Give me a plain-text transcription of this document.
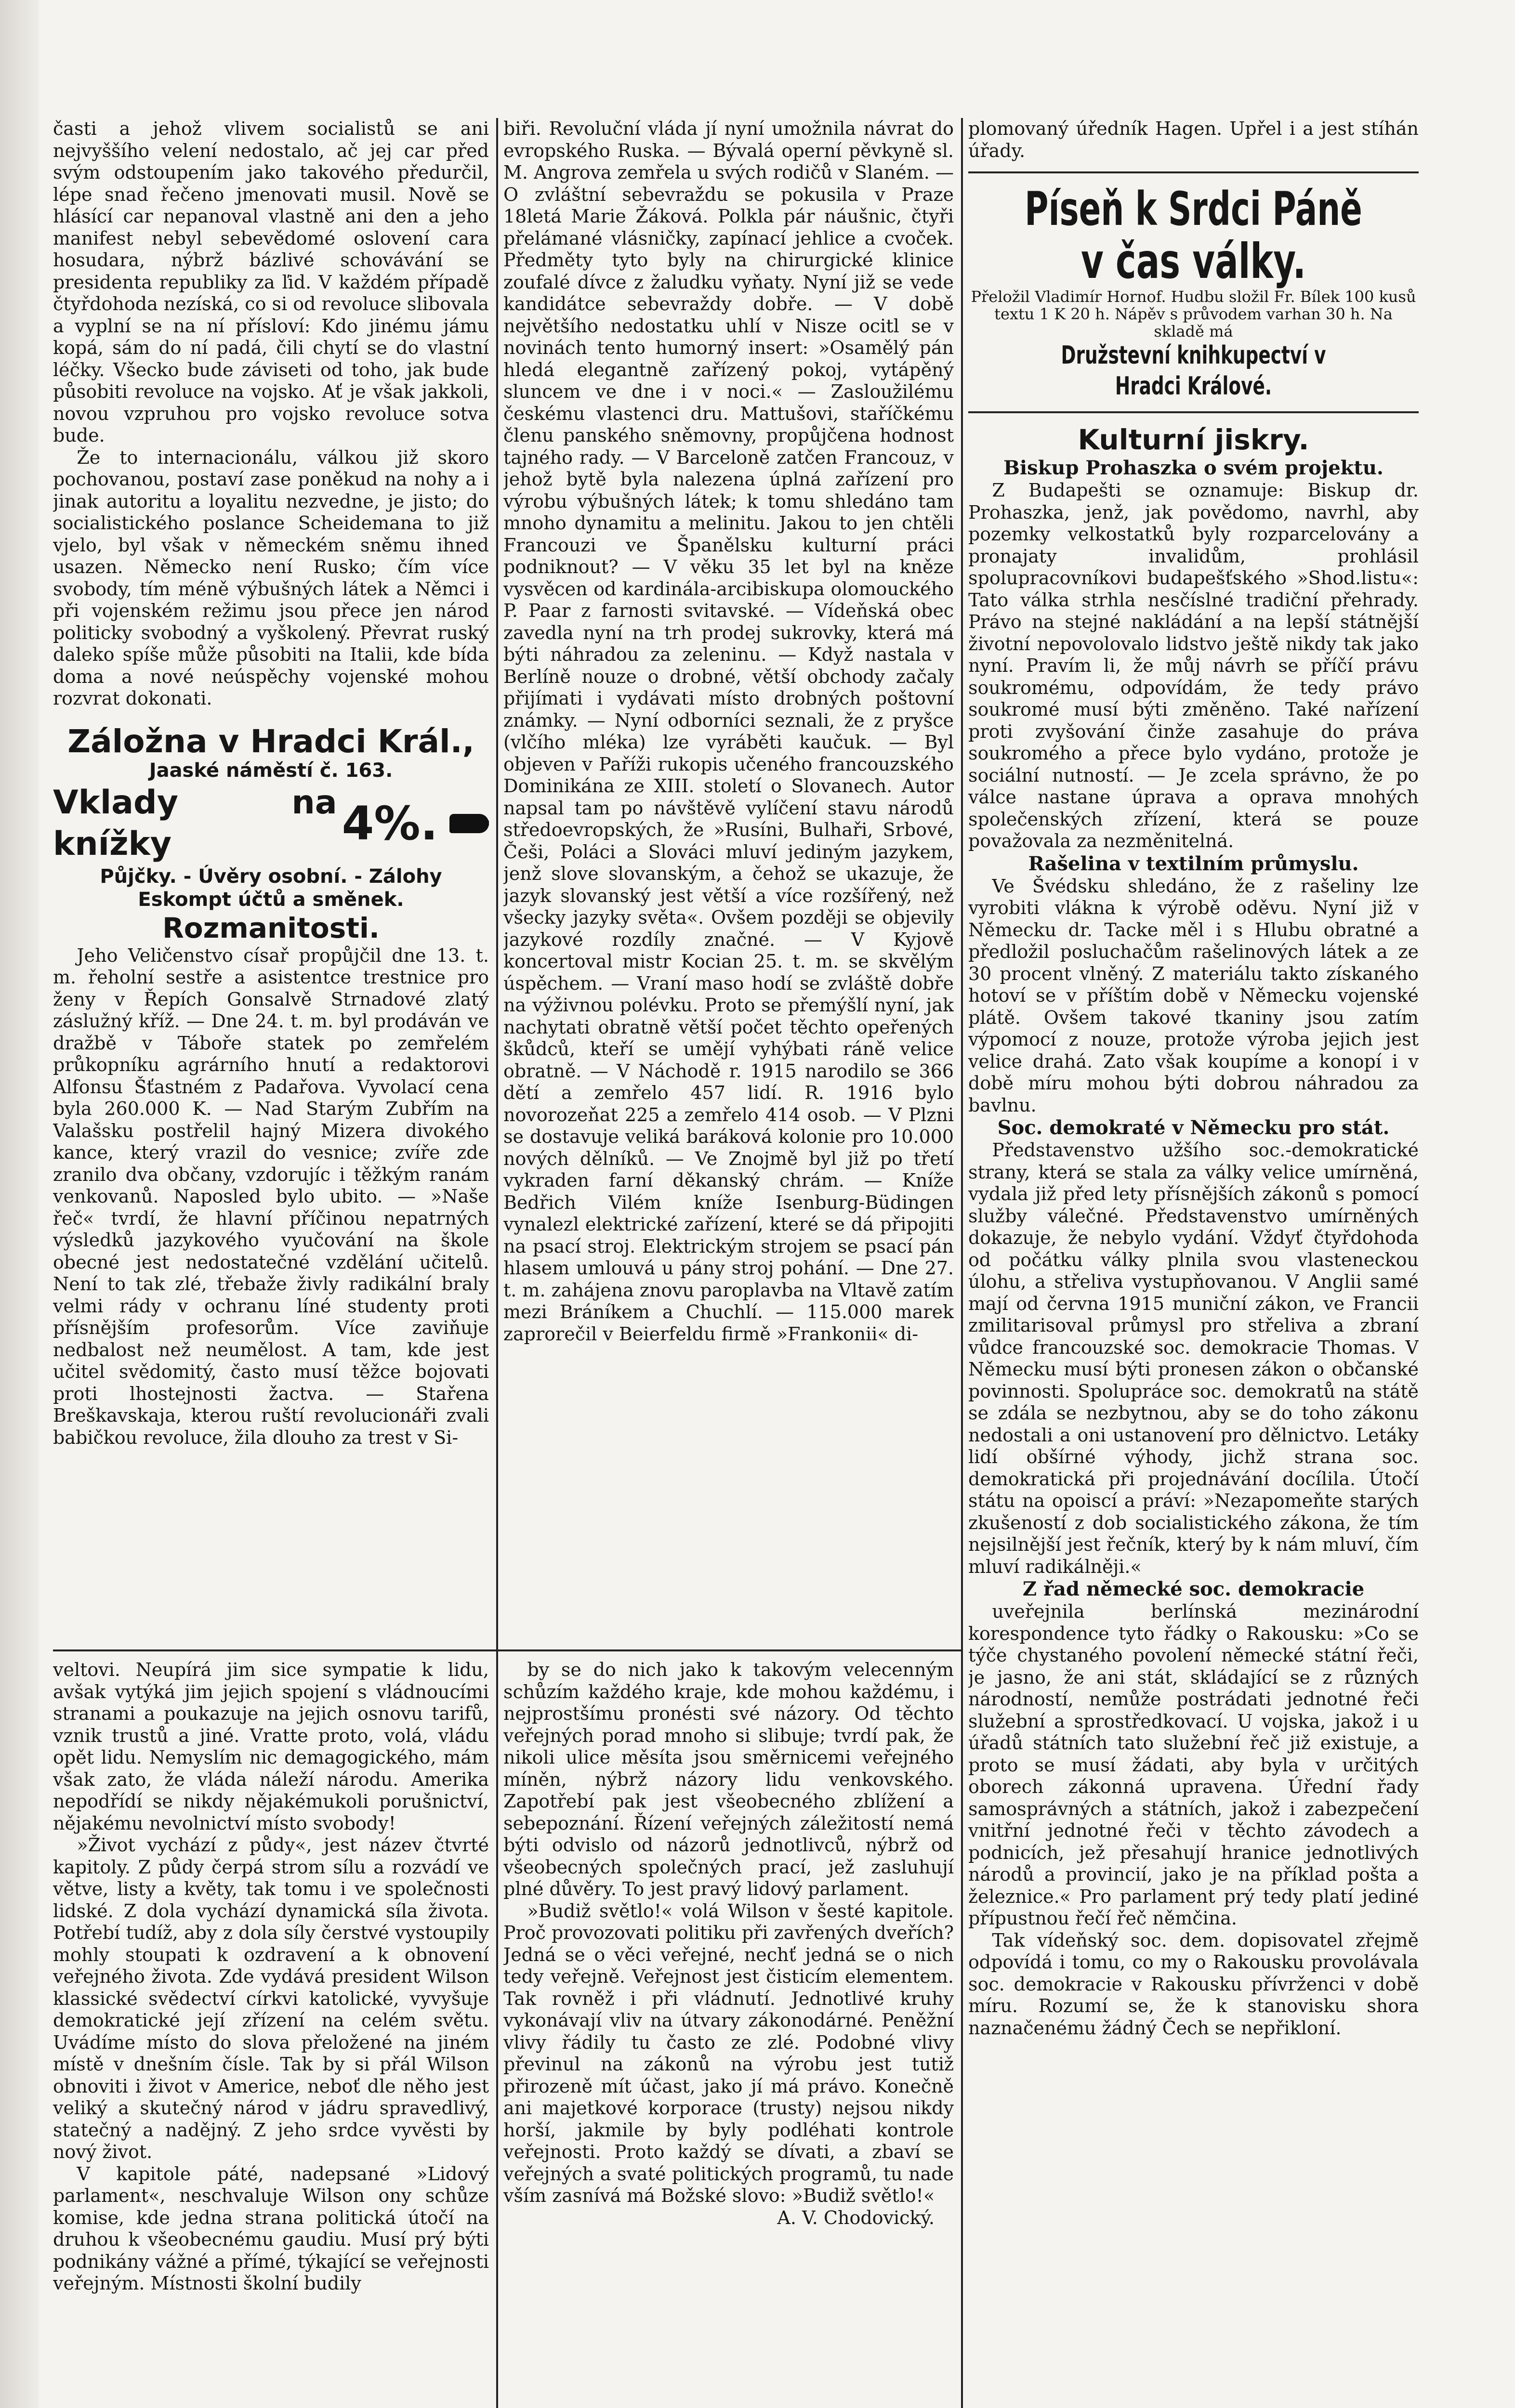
časti a jehož vlivem socialistů se ani nejvyššího velení nedostalo, ač jej car před svým odstoupením jako takového předurčil, lépe snad řečeno jmenovati musil. Nově se hlásící car nepanoval vlastně ani den a jeho manifest nebyl sebevědomé oslovení cara hosudara, nýbrž bázlivé schovávání se presidenta republiky za ľid. V každém případě čtyřdohoda nezíská, co si od revoluce slibovala a vyplní se na ní přísloví: Kdo jinému jámu kopá, sám do ní padá, čili chytí se do vlastní léčky. Všecko bude záviseti od toho, jak bude působiti revoluce na vojsko. Ať je však jakkoli, novou vzpruhou pro vojsko revoluce sotva bude.

Že to internacionálu, válkou již skoro pochovanou, postaví zase poněkud na nohy a i jinak autoritu a loyalitu nezvedne, je jisto; do socialistického poslance Scheidemana to již vjelo, byl však v německém sněmu ihned usazen. Německo není Rusko; čím více svobody, tím méně výbušných látek a Němci i při vojenském režimu jsou přece jen národ politicky svobodný a vyškolený. Převrat ruský daleko spíše může působiti na Italii, kde bída doma a nové neúspěchy vojenské mohou rozvrat dokonati.

Záložna v Hradci Král.,

Jaaské náměstí č. 163.

Vklady na knížky	4%.

Půjčky. - Úvěry osobní. - Zálohy

Eskompt účtů a směnek.

Rozmanitosti.

Jeho Veličenstvo císař propůjčil dne 13. t. m. řeholní sestře a asistentce trestnice pro ženy v Řepích Gonsalvě Strnadové zlatý záslužný kříž. — Dne 24. t. m. byl prodáván ve dražbě v Táboře statek po zemřelém průkopníku agrárního hnutí a redaktorovi Alfonsu Šťastném z Padařova. Vyvolací cena byla 260.000 K. — Nad Starým Zubřím na Valašsku postřelil hajný Mizera divokého kance, který vrazil do vesnice; zvíře zde zranilo dva občany, vzdorujíc i těžkým ranám venkovanů. Naposled bylo ubito. — »Naše řeč« tvrdí, že hlavní příčinou nepatrných výsledků jazykového vyučování na škole obecné jest nedostatečné vzdělání učitelů. Není to tak zlé, třebaže živly radikální braly velmi rády v ochranu líné studenty proti přísnějším profesorům. Více zaviňuje nedbalost než neumělost. A tam, kde jest učitel svědomitý, často musí těžce bojovati proti lhostejnosti žactva. — Stařena Breškavskaja, kterou ruští revolucionáři zvali babičkou revoluce, žila dlouho za trest v Si-

veltovi. Neupírá jim sice sympatie k lidu, avšak vytýká jim jejich spojení s vládnoucími stranami a poukazuje na jejich osnovu tarifů, vznik trustů a jiné. Vratte proto, volá, vládu opět lidu. Nemyslím nic demagogického, mám však zato, že vláda náleží národu. Amerika nepodřídí se nikdy nějakémukoli porušnictví, nějakému nevolnictví místo svobody!

»Život vychází z půdy«, jest název čtvrté kapitoly. Z půdy čerpá strom sílu a rozvádí ve větve, listy a květy, tak tomu i ve společnosti lidské. Z dola vychází dynamická síla života. Potřebí tudíž, aby z dola síly čerstvé vystoupily mohly stoupati k ozdravení a k obnovení veřejného života. Zde vydává president Wilson klassické svědectví církvi katolické, vyvyšuje demokratické její zřízení na celém světu. Uvádíme místo do slova přeložené na jiném místě v dnešním čísle. Tak by si přál Wilson obnoviti i život v Americe, neboť dle něho jest veliký a skutečný národ v jádru spravedlivý, statečný a nadějný. Z jeho srdce vyvěsti by nový život.

V kapitole páté, nadepsané »Lidový parlament«, neschvaluje Wilson ony schůze komise, kde jedna strana politická útočí na druhou k všeobecnému gaudiu. Musí prý býti podnikány vážné a přímé, týkající se veřejnosti veřejným. Místnosti školní budily

biři. Revoluční vláda jí nyní umožnila návrat do evropského Ruska. — Bývalá operní pěvkyně sl. M. Angrova zemřela u svých rodičů v Slaném. — O zvláštní sebevraždu se pokusila v Praze 18letá Marie Žáková. Polkla pár náušnic, čtyři přelámané vlásničky, zapínací jehlice a cvoček. Předměty tyto byly na chirurgické klinice zoufalé dívce z žaludku vyňaty. Nyní již se vede kandidátce sebevraždy dobře. — V době největšího nedostatku uhlí v Nisze ocitl se v novinách tento humorný insert: »Osamělý pán hledá elegantně zařízený pokoj, vytápěný sluncem ve dne i v noci.« — Zasloužilému českému vlastenci dru. Mattušovi, staříčkému členu panského sněmovny, propůjčena hodnost tajného rady. — V Barceloně zatčen Francouz, v jehož bytě byla nalezena úplná zařízení pro výrobu výbušných látek; k tomu shledáno tam mnoho dynamitu a melinitu. Jakou to jen chtěli Francouzi ve Španělsku kulturní práci podniknout? — V věku 35 let byl na kněze vysvěcen od kardinála-arcibiskupa olomouckého P. Paar z farnosti svitavské. — Vídeňská obec zavedla nyní na trh prodej sukrovky, která má býti náhradou za zeleninu. — Když nastala v Berlíně nouze o drobné, větší obchody začaly přijímati i vydávati místo drobných poštovní známky. — Nyní odborníci seznali, že z pryšce (vlčího mléka) lze vyráběti kaučuk. — Byl objeven v Paříži rukopis učeného francouzského Dominikána ze XIII. století o Slovanech. Autor napsal tam po návštěvě vylíčení stavu národů středoevropských, že »Rusíni, Bulhaři, Srbové, Češi, Poláci a Slováci mluví jediným jazykem, jenž slove slovanským, a čehož se ukazuje, že jazyk slovanský jest větší a více rozšířený, než všecky jazyky světa«. Ovšem později se objevily jazykové rozdíly značné. — V Kyjově koncertoval mistr Kocian 25. t. m. se skvělým úspěchem. — Vraní maso hodí se zvláště dobře na výživnou polévku. Proto se přemýšlí nyní, jak nachytati obratně větší počet těchto opeřených škůdců, kteří se umějí vyhýbati ráně velice obratně. — V Náchodě r. 1915 narodilo se 366 dětí a zemřelo 457 lidí. R. 1916 bylo novorozeňat 225 a zemřelo 414 osob. — V Plzni se dostavuje veliká baráková kolonie pro 10.000 nových dělníků. — Ve Znojmě byl již po třetí vykraden farní děkanský chrám. — Kníže Bedřich Vilém kníže Isenburg-Büdingen vynalezl elektrické zařízení, které se dá připojiti na psací stroj. Elektrickým strojem se psací pán hlasem umlouvá u pány stroj pohání. — Dne 27. t. m. zahájena znovu paroplavba na Vltavě zatím mezi Bráníkem a Chuchlí. — 115.000 marek zaprorečil v Beierfeldu firmě »Frankonii« di-

by se do nich jako k takovým velecenným schůzím každého kraje, kde mohou každému, i nejprostšímu pronésti své názory. Od těchto veřejných porad mnoho si slibuje; tvrdí pak, že nikoli ulice měsíta jsou směrnicemi veřejného míněn, nýbrž názory lidu venkovského. Zapotřebí pak jest všeobecného zblížení a sebepoznání. Řízení veřejných záležitostí nemá býti odvislo od názorů jednotlivců, nýbrž od všeobecných společných prací, jež zasluhují plné důvěry. To jest pravý lidový parlament.

»Budiž světlo!« volá Wilson v šesté kapitole. Proč provozovati politiku při zavřených dveřích? Jedná se o věci veřejné, nechť jedná se o nich tedy veřejně. Veřejnost jest čisticím elementem. Tak rovněž i při vládnutí. Jednotlivé kruhy vykonávají vliv na útvary zákonodárné. Peněžní vlivy řádily tu často ze zlé. Podobné vlivy převinul na zákonů na výrobu jest tutiž přirozeně mít účast, jako jí má právo. Konečně ani majetkové korporace (trusty) nejsou nikdy horší, jakmile by byly podléhati kontrole veřejnosti. Proto každý se dívati, a zbaví se veřejných a svaté politických programů, tu nade vším zasnívá má Božské slovo: »Budiž světlo!«

A. V. Chodovický.

plomovaný úředník Hagen. Upřel i a jest stíhán úřady.

Píseň k Srdci Páně

v čas války.

Přeložil Vladimír Hornof. Hudbu složil Fr. Bílek 100 kusů textu 1 K 20 h. Nápěv s průvodem varhan 30 h. Na skladě má

Družstevní knihkupectví v Hradci Králové.

Kulturní jiskry.

Biskup Prohaszka o svém projektu.

Z Budapešti se oznamuje: Biskup dr. Prohaszka, jenž, jak povědomo, navrhl, aby pozemky velkostatků byly rozparcelovány a pronajaty invalidům, prohlásil spolupracovníkovi budapešťského »Shod.listu«: Tato válka strhla nesčíslné tradiční přehrady. Právo na stejné nakládání a na lepší státnější životní nepovolovalo lidstvo ještě nikdy tak jako nyní. Pravím li, že můj návrh se příčí právu soukromému, odpovídám, že tedy právo soukromé musí býti změněno. Také nařízení proti zvyšování činže zasahuje do práva soukromého a přece bylo vydáno, protože je sociální nutností. — Je zcela správno, že po válce nastane úprava a oprava mnohých společenských zřízení, která se pouze považovala za nezměnitelná.

Rašelina v textilním průmyslu.

Ve Švédsku shledáno, že z rašeliny lze vyrobiti vlákna k výrobě oděvu. Nyní již v Německu dr. Tacke měl i s Hlubu obratné a předložil posluchačům rašelinových látek a ze 30 procent vlněný. Z materiálu takto získaného hotoví se v příštím době v Německu vojenské plátě. Ovšem takové tkaniny jsou zatím výpomocí z nouze, protože výroba jejich jest velice drahá. Zato však koupíme a konopí i v době míru mohou býti dobrou náhradou za bavlnu.

Soc. demokraté v Německu pro stát.

Představenstvo užšího soc.-demokratické strany, která se stala za války velice umírněná, vydala již před lety přísnějších zákonů s pomocí služby válečné. Představenstvo umírněných dokazuje, že nebylo vydání. Vždyť čtyřdohoda od počátku války plnila svou vlasteneckou úlohu, a střeliva vystupňovanou. V Anglii samé mají od června 1915 muniční zákon, ve Francii zmilitarisoval průmysl pro střeliva a zbraní vůdce francouzské soc. demokracie Thomas. V Německu musí býti pronesen zákon o občanské povinnosti. Spolupráce soc. demokratů na státě se zdála se nezbytnou, aby se do toho zákonu nedostali a oni ustanovení pro dělnictvo. Letáky lidí obšírné výhody, jichž strana soc. demokratická při projednávání docílila. Útočí státu na opoiscí a práví: »Nezapomeňte starých zkušeností z dob socialistického zákona, že tím nejsilnější jest řečník, který by k nám mluví, čím mluví radikálněji.«

Z řad německé soc. demokracie

uveřejnila berlínská mezinárodní korespondence tyto řádky o Rakousku: »Co se týče chystaného povolení německé státní řeči, je jasno, že ani stát, skládající se z různých národností, nemůže postrádati jednotné řeči služební a sprostředkovací. U vojska, jakož i u úřadů státních tato služební řeč již existuje, a proto se musí žádati, aby byla v určitých oborech zákonná upravena. Úřední řady samosprávných a státních, jakož i zabezpečení vnitřní jednotné řeči v těchto závodech a podnicích, jež přesahují hranice jednotlivých národů a provincií, jako je na příklad pošta a železnice.« Pro parlament prý tedy platí jediné přípustnou řečí řeč němčina.

Tak vídeňský soc. dem. dopisovatel zřejmě odpovídá i tomu, co my o Rakousku provolávala soc. demokracie v Rakousku přívrženci v době míru. Rozumí se, že k stanovisku shora naznačenému žádný Čech se nepřikloní.
